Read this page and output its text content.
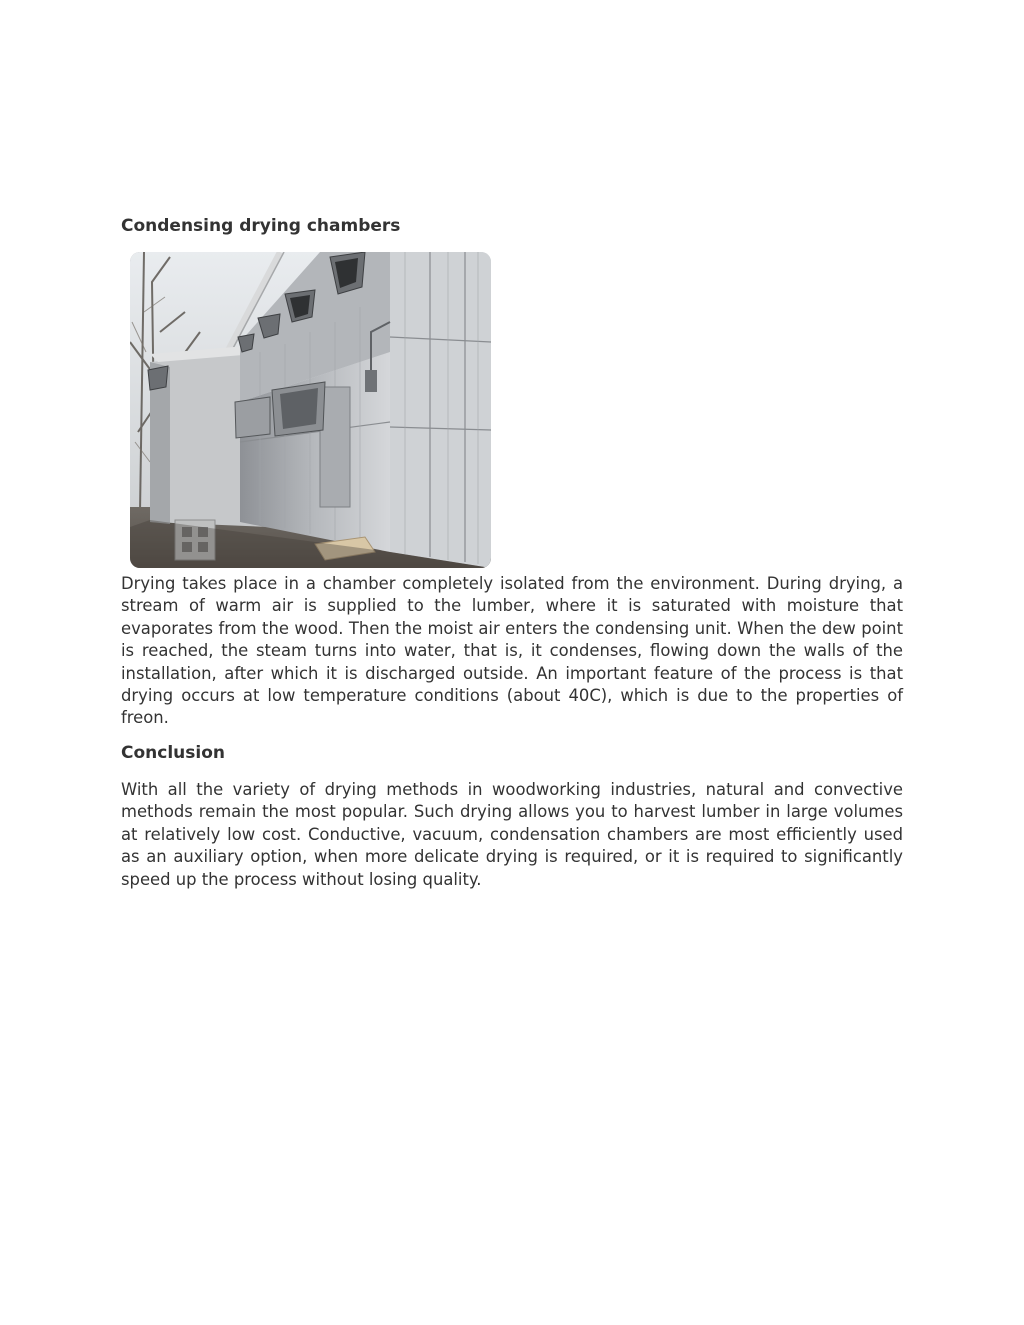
Condensing drying chambers

Drying takes place in a chamber completely isolated from the environment. During drying, a stream of warm air is supplied to the lumber, where it is saturated with moisture that evaporates from the wood. Then the moist air enters the condensing unit. When the dew point is reached, the steam turns into water, that is, it condenses, flowing down the walls of the installation, after which it is discharged outside. An important feature of the process is that drying occurs at low temperature conditions (about 40C), which is due to the properties of freon.

Conclusion

With all the variety of drying methods in woodworking industries, natural and convective methods remain the most popular. Such drying allows you to harvest lumber in large volumes at relatively low cost. Conductive, vacuum, condensation chambers are most efficiently used as an auxiliary option, when more delicate drying is required, or it is required to significantly speed up the process without losing quality.
